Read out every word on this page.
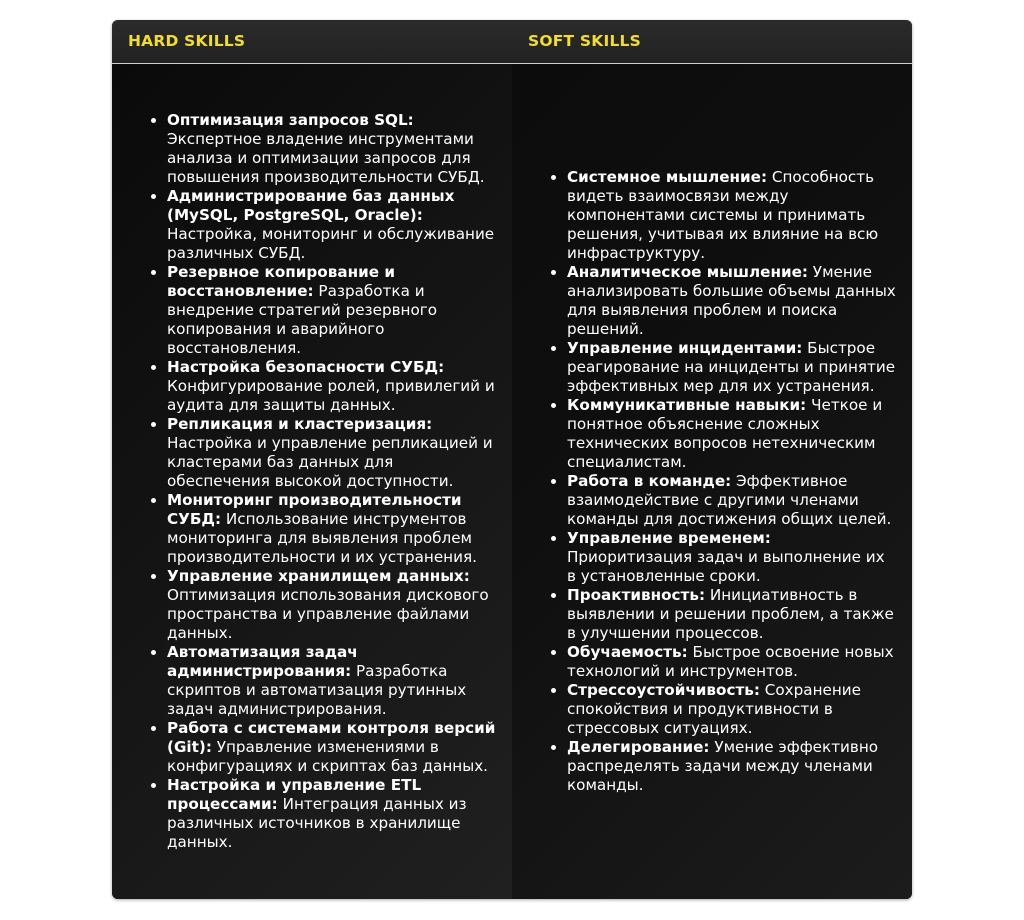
HARD SKILLS	SOFT SKILLS
• Оптимизация запросов SQL: Экспертное владение инструментами анализа и оптимизации запросов для повышения производительности СУБД.
• Администрирование баз данных (MySQL, PostgreSQL, Oracle): Настройка, мониторинг и обслуживание различных СУБД.
• Резервное копирование и восстановление: Разработка и внедрение стратегий резервного копирования и аварийного восстановления.
• Настройка безопасности СУБД: Конфигурирование ролей, привилегий и аудита для защиты данных.
• Репликация и кластеризация: Настройка и управление репликацией и кластерами баз данных для обеспечения высокой доступности.
• Мониторинг производительности СУБД: Использование инструментов мониторинга для выявления проблем производительности и их устранения.
• Управление хранилищем данных: Оптимизация использования дискового пространства и управление файлами данных.
• Автоматизация задач администрирования: Разработка скриптов и автоматизация рутинных задач администрирования.
• Работа с системами контроля версий (Git): Управление изменениями в конфигурациях и скриптах баз данных.
• Настройка и управление ETL процессами: Интеграция данных из различных источников в хранилище данных.
• Системное мышление: Способность видеть взаимосвязи между компонентами системы и принимать решения, учитывая их влияние на всю инфраструктуру.
• Аналитическое мышление: Умение анализировать большие объемы данных для выявления проблем и поиска решений.
• Управление инцидентами: Быстрое реагирование на инциденты и принятие эффективных мер для их устранения.
• Коммуникативные навыки: Четкое и понятное объяснение сложных технических вопросов нетехническим специалистам.
• Работа в команде: Эффективное взаимодействие с другими членами команды для достижения общих целей.
• Управление временем: Приоритизация задач и выполнение их в установленные сроки.
• Проактивность: Инициативность в выявлении и решении проблем, а также в улучшении процессов.
• Обучаемость: Быстрое освоение новых технологий и инструментов.
• Стрессоустойчивость: Сохранение спокойствия и продуктивности в стрессовых ситуациях.
• Делегирование: Умение эффективно распределять задачи между членами команды.
